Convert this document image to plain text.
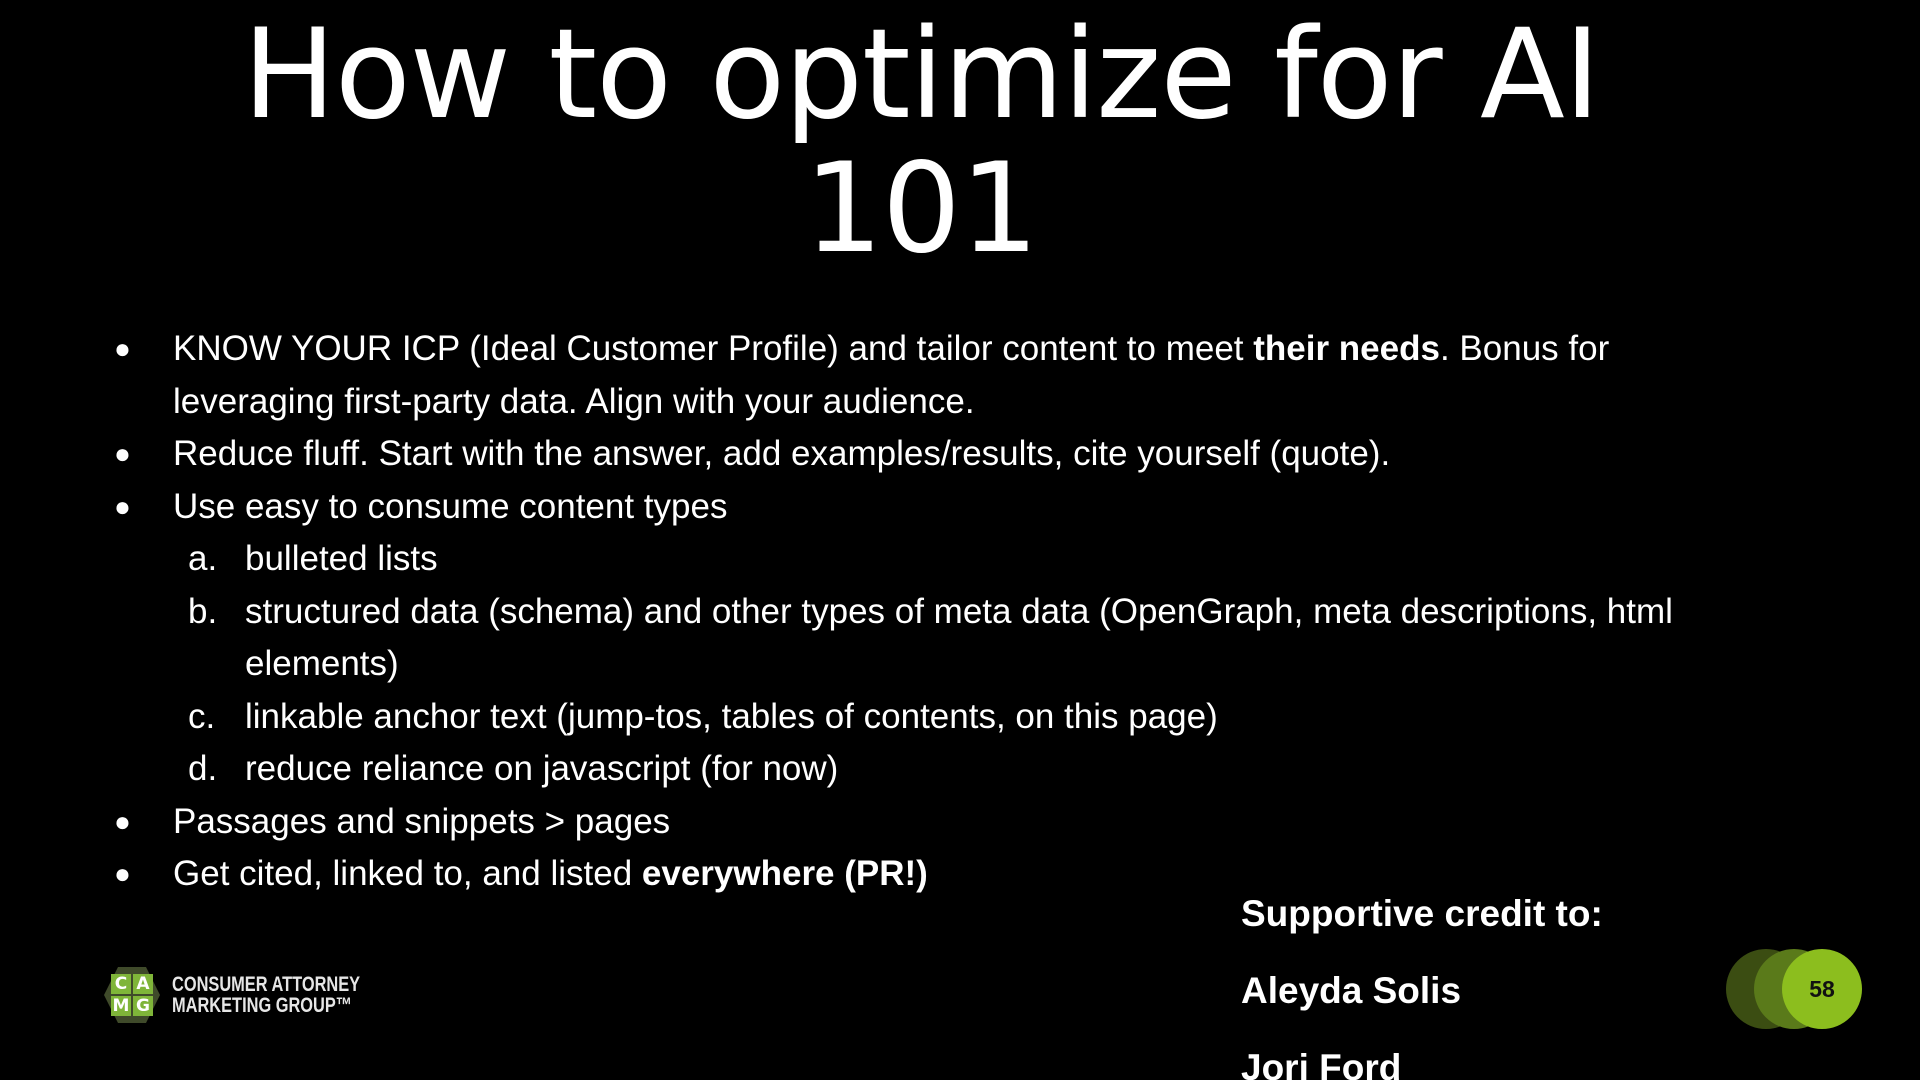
How to optimize for AI
101
●	KNOW YOUR ICP (Ideal Customer Profile) and tailor content to meet their needs. Bonus for leveraging first-party data. Align with your audience.
●	Reduce fluff. Start with the answer, add examples/results, cite yourself (quote).
●	Use easy to consume content types
a. bulleted lists
b. structured data (schema) and other types of meta data (OpenGraph, meta descriptions, html elements)
c. linkable anchor text (jump-tos, tables of contents, on this page)
d. reduce reliance on javascript (for now)
●	Passages and snippets > pages
●	Get cited, linked to, and listed everywhere (PR!)
Supportive credit to:
Aleyda Solis
Jori Ford
C A
M G
CONSUMER ATTORNEY
MARKETING GROUP™
58
